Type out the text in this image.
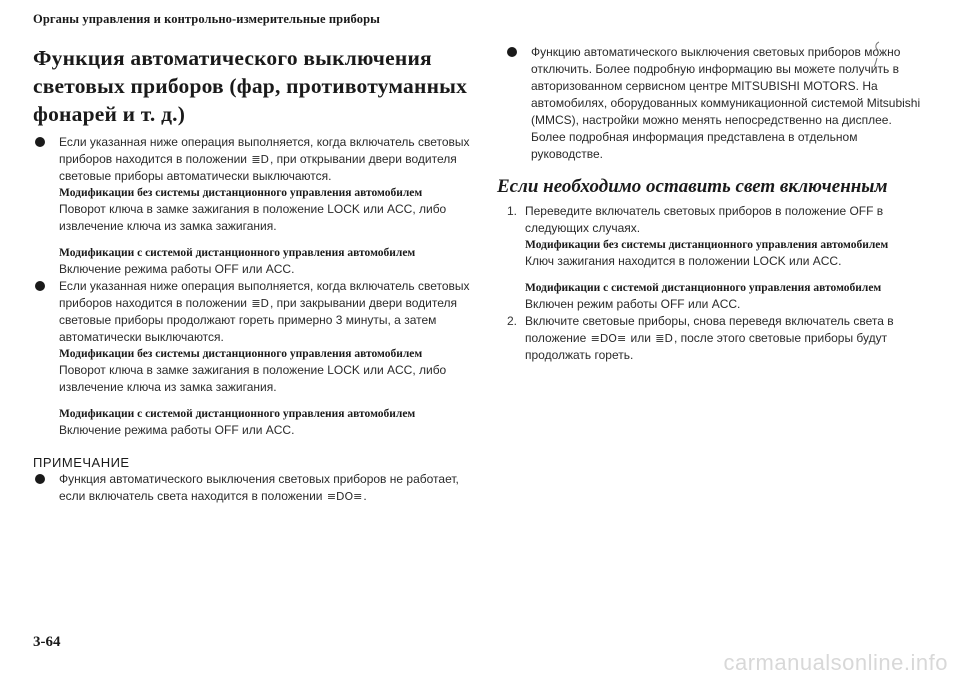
Органы управления и контрольно-измерительные приборы
Функция автоматического выключения
световых приборов (фар, противотуманных
фонарей и т. д.)
Если указанная ниже операция выполняется, когда включатель световых приборов находится в положении ≣D, при открывании двери водителя световые приборы автоматически выключаются.
Модификации без системы дистанционного управления автомобилем
Поворот ключа в замке зажигания в положение LOCK или ACC, либо извлечение ключа из замка зажигания.
Модификации с системой дистанционного управления автомобилем
Включение режима работы OFF или ACC.
Если указанная ниже операция выполняется, когда включатель световых приборов находится в положении ≣D, при закрывании двери водителя световые приборы продолжают гореть примерно 3 минуты, а затем автоматически выключаются.
Модификации без системы дистанционного управления автомобилем
Поворот ключа в замке зажигания в положение LOCK или ACC, либо извлечение ключа из замка зажигания.
Модификации с системой дистанционного управления автомобилем
Включение режима работы OFF или ACC.
ПРИМЕЧАНИЕ
Функция автоматического выключения световых приборов не работает, если включатель света находится в положении ≡DO≡.
Функцию автоматического выключения световых приборов можно отключить. Более подробную информацию вы можете получить в авторизованном сервисном центре MITSUBISHI MOTORS. На автомобилях, оборудованных коммуникационной системой Mitsubishi (MMCS), настройки можно менять непосредственно на дисплее. Более подробная информация представлена в отдельном руководстве.
Если необходимо оставить свет включенным
1. Переведите включатель световых приборов в положение OFF в следующих случаях.
Модификации без системы дистанционного управления автомобилем
Ключ зажигания находится в положении LOCK или ACC.
Модификации с системой дистанционного управления автомобилем
Включен режим работы OFF или ACC.
2. Включите световые приборы, снова переведя включатель света в положение ≡DO≡ или ≣D, после этого световые приборы будут продолжать гореть.
3-64
carmanualsonline.info
